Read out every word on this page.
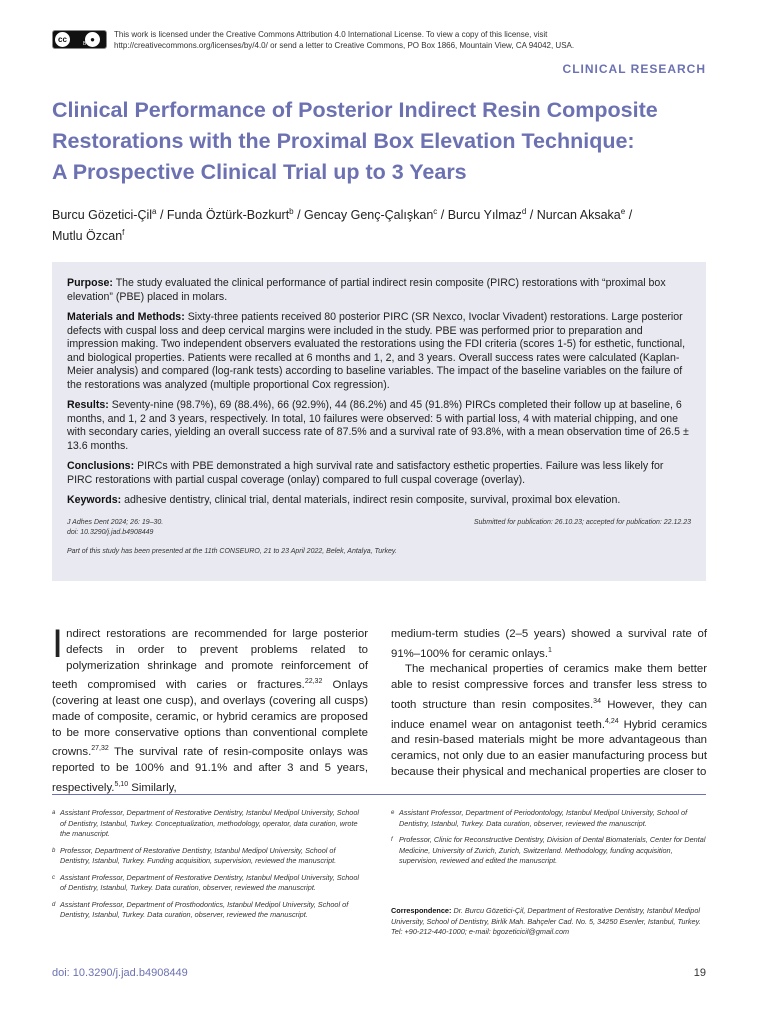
cc	●
BY
This work is licensed under the Creative Commons Attribution 4.0 International License. To view a copy of this license, visit
http://creativecommons.org/licenses/by/4.0/ or send a letter to Creative Commons, PO Box 1866, Mountain View, CA 94042, USA.
CLINICAL RESEARCH
Clinical Performance of Posterior Indirect Resin Composite
Restorations with the Proximal Box Elevation Technique:
A Prospective Clinical Trial up to 3 Years
Burcu Gözetici-Çil$^a$ / Funda Öztürk-Bozkurt$^b$ / Gencay Genç-Çalışkan$^c$ / Burcu Yılmaz$^d$ / Nurcan Aksaka$^e$ /
Mutlu Özcan$^f$

Purpose: The study evaluated the clinical performance of partial indirect resin composite (PIRC) restorations with “proximal box elevation” (PBE) placed in molars.

Materials and Methods: Sixty-three patients received 80 posterior PIRC (SR Nexco, Ivoclar Vivadent) restorations. Large posterior defects with cuspal loss and deep cervical margins were included in the study. PBE was performed prior to preparation and impression making. Two independent observers evaluated the restorations using the FDI criteria (scores 1-5) for esthetic, functional, and biological properties. Patients were recalled at 6 months and 1, 2, and 3 years. Overall success rates were calculated (Kaplan-Meier analysis) and compared (log-rank tests) according to baseline variables. The impact of the baseline variables on the failure of the restorations was analyzed (multiple proportional Cox regression).

Results: Seventy-nine (98.7%), 69 (88.4%), 66 (92.9%), 44 (86.2%) and 45 (91.8%) PIRCs completed their follow up at baseline, 6 months, and 1, 2 and 3 years, respectively. In total, 10 failures were observed: 5 with partial loss, 4 with material chipping, and one with secondary caries, yielding an overall success rate of 87.5% and a survival rate of 93.8%, with a mean observation time of 26.5 ± 13.6 months.

Conclusions: PIRCs with PBE demonstrated a high survival rate and satisfactory esthetic properties. Failure was less likely for PIRC restorations with partial cuspal coverage (onlay) compared to full cuspal coverage (overlay).

Keywords: adhesive dentistry, clinical trial, dental materials, indirect resin composite, survival, proximal box elevation.

J Adhes Dent 2024; 26: 19–30.
doi: 10.3290/j.jad.b4908449
Submitted for publication: 26.10.23; accepted for publication: 22.12.23
Part of this study has been presented at the 11th CONSEURO, 21 to 23 April 2022, Belek, Antalya, Turkey.

Indirect restorations are recommended for large posterior defects in order to prevent problems related to polymerization shrinkage and promote reinforcement of teeth compromised with caries or fractures.$^{22,32}$ Onlays (covering at least one cusp), and overlays (covering all cusps) made of composite, ceramic, or hybrid ceramics are proposed to be more conservative options than conventional complete crowns.$^{27,32}$ The survival rate of resin-composite onlays was reported to be 100% and 91.1% and after 3 and 5 years, respectively.$^{5,10}$ Similarly,

medium-term studies (2–5 years) showed a survival rate of 91%–100% for ceramic onlays.$^1$

The mechanical properties of ceramics make them better able to resist compressive forces and transfer less stress to tooth structure than resin composites.$^{34}$ However, they can induce enamel wear on antagonist teeth.$^{4,24}$ Hybrid ceramics and resin-based materials might be more advantageous than ceramics, not only due to an easier manufacturing process but because their physical and mechanical properties are closer to

a Assistant Professor, Department of Restorative Dentistry, Istanbul Medipol University, School of Dentistry, Istanbul, Turkey. Conceptualization, methodology, operator, data curation, wrote the manuscript.
b Professor, Department of Restorative Dentistry, Istanbul Medipol University, School of Dentistry, Istanbul, Turkey. Funding acquisition, supervision, reviewed the manuscript.
c Assistant Professor, Department of Restorative Dentistry, Istanbul Medipol University, School of Dentistry, Istanbul, Turkey. Data curation, observer, reviewed the manuscript.
d Assistant Professor, Department of Prosthodontics, Istanbul Medipol University, School of Dentistry, Istanbul, Turkey. Data curation, observer, reviewed the manuscript.
e Assistant Professor, Department of Periodontology, Istanbul Medipol University, School of Dentistry, Istanbul, Turkey. Data curation, observer, reviewed the manuscript.
f Professor, Clinic for Reconstructive Dentistry, Division of Dental Biomaterials, Center for Dental Medicine, University of Zurich, Zurich, Switzerland. Methodology, funding acquisition, supervision, reviewed and edited the manuscript.
Correspondence: Dr. Burcu Gözetici-Çil, Department of Restorative Dentistry, Istanbul Medipol University, School of Dentistry, Birlik Mah. Bahçeler Cad. No. 5, 34250 Esenler, Istanbul, Turkey. Tel: +90-212-440-1000; e-mail: bgozeticicil@gmail.com
doi: 10.3290/j.jad.b4908449	19
